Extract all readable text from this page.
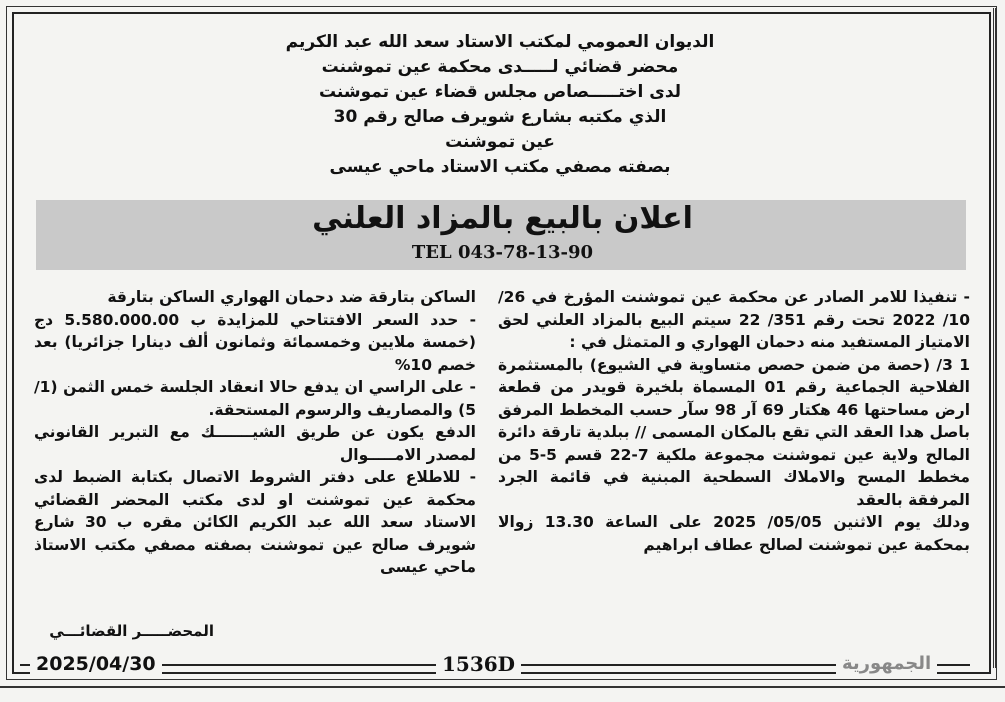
الديوان العمومي لمكتب الاستاد سعد الله عبد الكريم
محضر قضائي لـــــدى محكمة عين تموشنت
لدى اختـــــصاص مجلس قضاء عين تموشنت
الذي مكتبه بشارع شويرف صالح رقم 30
عين تموشنت
بصفته مصفي مكتب الاستاد ماحي عيسى
اعلان بالبيع بالمزاد العلني
TEL 043-78-13-90

- تنفيذا للامر الصادر عن محكمة عين تموشنت المؤرخ في 26/ 10/ 2022 تحت رقم 351/ 22 سيتم البيع بالمزاد العلني لحق الامتياز المستفيد منه دحمان الهواري و المتمثل في :

1 3/ (حصة من ضمن حصص متساوية في الشيوع) بالمستثمرة الفلاحية الجماعية رقم 01 المسماة بلخيرة قويدر من قطعة ارض مساحتها 46 هكتار 69 آر 98 سآر حسب المخطط المرفق باصل هدا العقد التي تقع بالمكان المسمى // ببلدية تارقة دائرة المالح ولاية عين تموشنت مجموعة ملكية 7-22 قسم 5-5 من مخطط المسح والاملاك السطحية المبنية في قائمة الجرد المرفقة بالعقد

ودلك يوم الاثنين 05/05/ 2025 على الساعة 13.30 زوالا بمحكمة عين تموشنت لصالح عطاف ابراهيم

الساكن بتارقة ضد دحمان الهواري الساكن بتارقة

- حدد السعر الافتتاحي للمزايدة ب 5.580.000.00 دج (خمسة ملايين وخمسمائة وثمانون ألف دينارا جزائريا) بعد خصم 10%

- على الراسي ان يدفع حالا انعقاد الجلسة خمس الثمن (1/ 5) والمصاريف والرسوم المستحقة.

الدفع يكون عن طريق الشيـــــــك مع التبرير القانوني لمصدر الامـــــوال

- للاطلاع على دفتر الشروط الاتصال بكتابة الضبط لدى محكمة عين تموشنت او لدى مكتب المحضر القضائي الاستاد سعد الله عبد الكريم الكائن مقره ب 30 شارع شويرف صالح عين تموشنت بصفته مصفي مكتب الاستاذ ماحي عيسى

المحضـــــر القضائـــي
2025/04/30	1536D	الجمهورية
